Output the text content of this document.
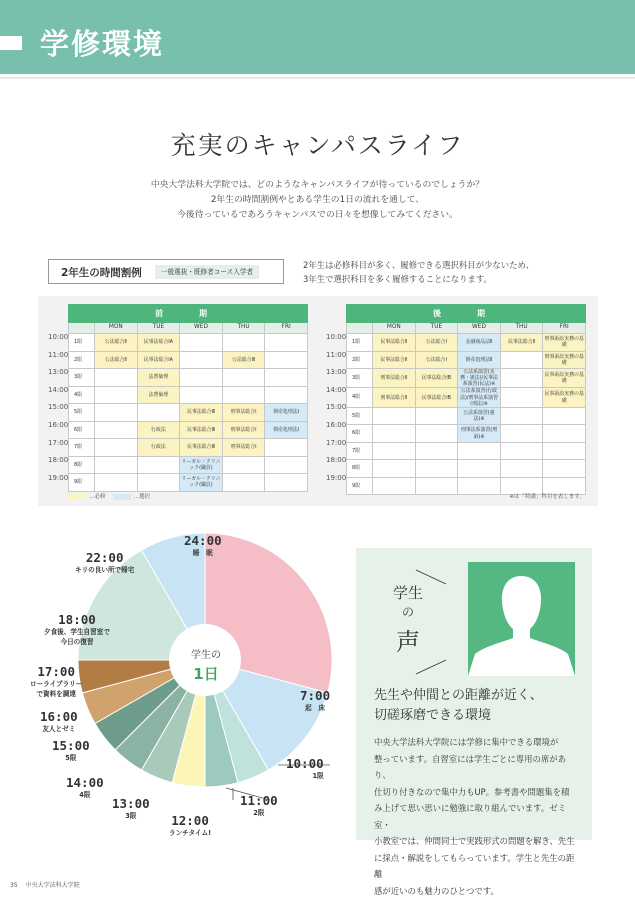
学修環境
充実のキャンパスライフ
中央大学法科大学院では、どのようなキャンパスライフが待っているのでしょうか？
2年生の時間割例やとある学生の1日の流れを通して、
今後待っているであろうキャンパスでの日々を想像してみてください。
2年生の時間割例	一般選抜・既修者コース入学者
2年生は必修科目が多く、履修できる選択科目が少ないため、
3年生で選択科目を多く履修することになります。
10:00
11:00
13:00
14:00
15:00
16:00
17:00
18:00
19:00
10:00
11:00
13:00
14:00
15:00
16:00
17:00
18:00
19:00
前　期					
	MON	TUE	WED	THU	FRI
1限	公法総合Ⅱ	民事法総合ⅠA			
2限	公法総合Ⅱ	民事法総合ⅠA		公法総合Ⅲ	
3限		法曹倫理			
4限		法曹倫理			
5限			民事法総合Ⅲ	刑事法総合Ⅰ	倒産処理法Ⅰ
6限		行政法	民事法総合Ⅲ	刑事法総合Ⅰ	倒産処理法Ⅰ
7限		行政法	民事法総合Ⅲ	刑事法総合Ⅰ	
8限			リーガル・クリニック(職員)		
9限			リーガル・クリニック(職員)		
後　期					
	MON	TUE	WED	THU	FRI
1限	民事法総合Ⅱ	公法総合Ⅰ	金融商品法Ⅱ	民事法総合Ⅱ	刑事訴訟実務の基礎
2限	民事法総合Ⅱ	公法総合Ⅰ	倒産処理法Ⅱ		刑事訴訟実務の基礎
3限	刑事法総合Ⅱ	民事法総合ⅠB	公法系演習(実務・憲法)/民事法系演習(民法)※		民事訴訟実務の基礎
4限	刑事法総合Ⅱ	民事法総合ⅠB	公法系演習(行政法)/刑事法系演習(刑法)※		民事訴訟実務の基礎
5限			公法系演習(憲法)※		
6限			刑事法系演習(刑訴)※		
7限					
8限					
9限					
…必修	…選択	※は「特講」科目を表します。
学生の
1日
24:00
睡　眠
7:00
起　床
10:00
1限
11:00
2限
12:00
ランチタイム!
13:00
3限
14:00
4限
15:00
5限
16:00
友人とゼミ
17:00
ローライブラリー
で資料を調達
18:00
夕食後、学生自習室で
今日の復習
22:00
キリの良い所で帰宅
学生
の
声
先生や仲間との距離が近く、
切磋琢磨できる環境
中央大学法科大学院には学修に集中できる環境が
整っています。自習室には学生ごとに専用の席があり、
仕切り付きなので集中力もUP。参考書や問題集を積
み上げて思い思いに勉強に取り組んでいます。ゼミ室・
小教室では、仲間同士で実践形式の問題を解き、先生
に採点・解説をしてもらっています。学生と先生の距離
感が近いのも魅力のひとつです。
35 中央大学法科大学院
